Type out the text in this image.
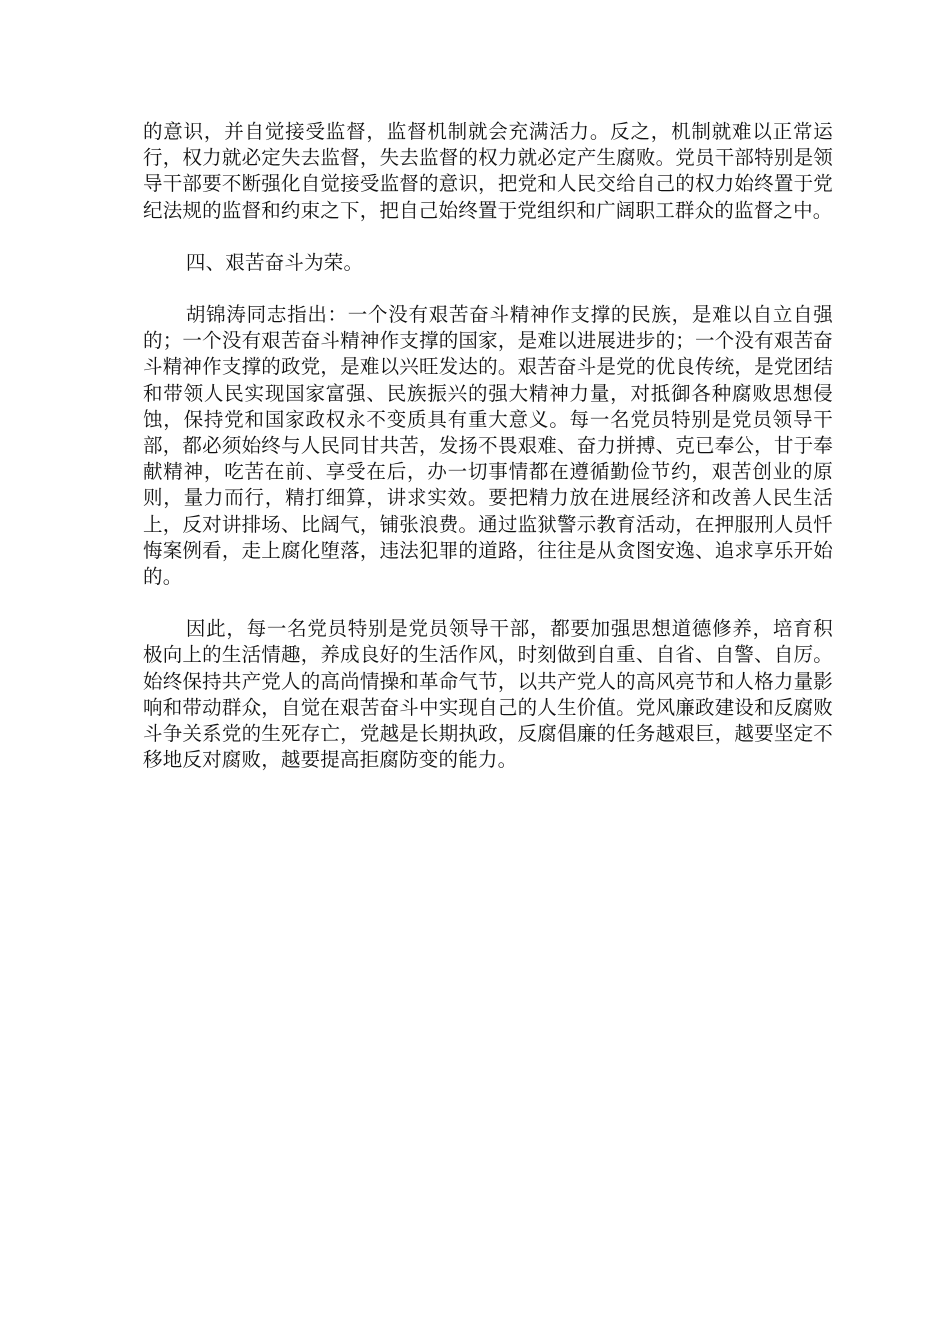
的意识，并自觉接受监督，监督机制就会充满活力。反之，机制就难以正常运行，权力就必定失去监督，失去监督的权力就必定产生腐败。党员干部特别是领导干部要不断强化自觉接受监督的意识，把党和人民交给自己的权力始终置于党纪法规的监督和约束之下，把自己始终置于党组织和广阔职工群众的监督之中。

四、艰苦奋斗为荣。

胡锦涛同志指出：一个没有艰苦奋斗精神作支撑的民族，是难以自立自强的；一个没有艰苦奋斗精神作支撑的国家，是难以进展进步的；一个没有艰苦奋斗精神作支撑的政党，是难以兴旺发达的。艰苦奋斗是党的优良传统，是党团结和带领人民实现国家富强、民族振兴的强大精神力量，对抵御各种腐败思想侵蚀，保持党和国家政权永不变质具有重大意义。每一名党员特别是党员领导干部，都必须始终与人民同甘共苦，发扬不畏艰难、奋力拼搏、克已奉公，甘于奉献精神，吃苦在前、享受在后，办一切事情都在遵循勤俭节约，艰苦创业的原则，量力而行，精打细算，讲求实效。要把精力放在进展经济和改善人民生活上，反对讲排场、比阔气，铺张浪费。通过监狱警示教育活动，在押服刑人员忏悔案例看，走上腐化堕落，违法犯罪的道路，往往是从贪图安逸、追求享乐开始的。

因此，每一名党员特别是党员领导干部，都要加强思想道德修养，培育积极向上的生活情趣，养成良好的生活作风，时刻做到自重、自省、自警、自厉。始终保持共产党人的高尚情操和革命气节，以共产党人的高风亮节和人格力量影响和带动群众，自觉在艰苦奋斗中实现自己的人生价值。党风廉政建设和反腐败斗争关系党的生死存亡，党越是长期执政，反腐倡廉的任务越艰巨，越要坚定不移地反对腐败，越要提高拒腐防变的能力。
